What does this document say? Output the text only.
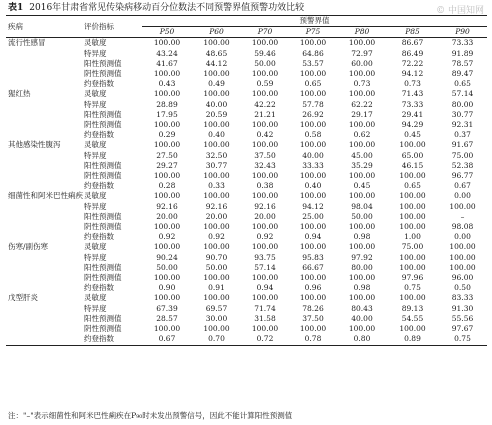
表1 2016年甘肃省常见传染病移动百分位数法不同预警界值预警功效比较	© 中国知网
疾病	评价指标	预警界值						
		P50	P60	P70	P75	P80	P85	P90
流行性感冒	灵敏度	100.00	100.00	100.00	100.00	100.00	86.67	73.33
	特异度	43.24	48.65	59.46	64.86	72.97	86.49	91.89
	阳性预测值	41.67	44.12	50.00	53.57	60.00	72.22	78.57
	阴性预测值	100.00	100.00	100.00	100.00	100.00	94.12	89.47
	约登指数	0.43	0.49	0.59	0.65	0.73	0.73	0.65
猩红热	灵敏度	100.00	100.00	100.00	100.00	100.00	71.43	57.14
	特异度	28.89	40.00	42.22	57.78	62.22	73.33	80.00
	阳性预测值	17.95	20.59	21.21	26.92	29.17	29.41	30.77
	阴性预测值	100.00	100.00	100.00	100.00	100.00	94.29	92.31
	约登指数	0.29	0.40	0.42	0.58	0.62	0.45	0.37
其他感染性腹泻	灵敏度	100.00	100.00	100.00	100.00	100.00	100.00	91.67
	特异度	27.50	32.50	37.50	40.00	45.00	65.00	75.00
	阳性预测值	29.27	30.77	32.43	33.33	35.29	46.15	52.38
	阴性预测值	100.00	100.00	100.00	100.00	100.00	100.00	96.77
	约登指数	0.28	0.33	0.38	0.40	0.45	0.65	0.67
细菌性和阿米巴性痢疾	灵敏度	100.00	100.00	100.00	100.00	100.00	100.00	0.00
	特异度	92.16	92.16	92.16	94.12	98.04	100.00	100.00
	阳性预测值	20.00	20.00	20.00	25.00	50.00	100.00	–
	阴性预测值	100.00	100.00	100.00	100.00	100.00	100.00	98.08
	约登指数	0.92	0.92	0.92	0.94	0.98	1.00	0.00
伤寒/副伤寒	灵敏度	100.00	100.00	100.00	100.00	100.00	75.00	100.00
	特异度	90.24	90.70	93.75	95.83	97.92	100.00	100.00
	阳性预测值	50.00	50.00	57.14	66.67	80.00	100.00	100.00
	阴性预测值	100.00	100.00	100.00	100.00	100.00	97.96	96.00
	约登指数	0.90	0.91	0.94	0.96	0.98	0.75	0.50
戊型肝炎	灵敏度	100.00	100.00	100.00	100.00	100.00	100.00	83.33
	特异度	67.39	69.57	71.74	78.26	80.43	89.13	91.30
	阳性预测值	28.57	30.00	31.58	37.50	40.00	54.55	55.56
	阴性预测值	100.00	100.00	100.00	100.00	100.00	100.00	97.67
	约登指数	0.67	0.70	0.72	0.78	0.80	0.89	0.75
注："–"表示细菌性和阿米巴性痢疾在P₉₀时未发出预警信号，因此不能计算阳性预测值
